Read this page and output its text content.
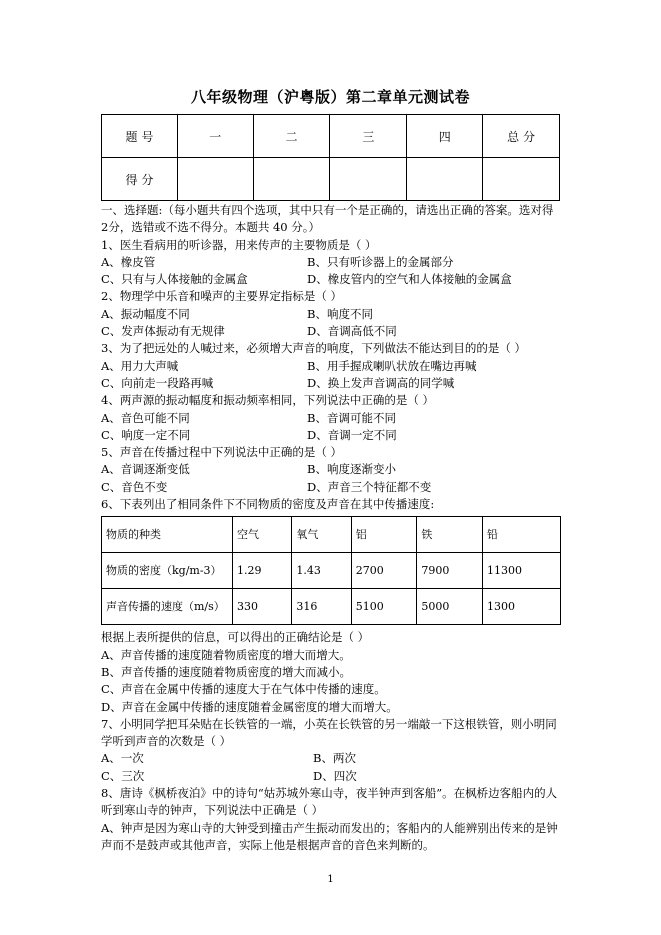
八年级物理（沪粤版）第二章单元测试卷
题 号	一	二	三	四	总 分
得 分					
一、选择题:（每小题共有四个选项，其中只有一个是正确的，请选出正确的答案。选对得
2分，选错或不选不得分。本题共 40 分。）
1、医生看病用的听诊器，用来传声的主要物质是（ ）
A、橡皮管	B、只有听诊器上的金属部分
C、只有与人体接触的金属盒	D、橡皮管内的空气和人体接触的金属盒
2、物理学中乐音和噪声的主要界定指标是（ ）
A、振动幅度不同	B、响度不同
C、发声体振动有无规律	D、音调高低不同
3、为了把远处的人喊过来，必须增大声音的响度，下列做法不能达到目的的是（ ）
A、用力大声喊	B、用手握成喇叭状放在嘴边再喊
C、向前走一段路再喊	D、换上发声音调高的同学喊
4、两声源的振动幅度和振动频率相同，下列说法中正确的是（ ）
A、音色可能不同	B、音调可能不同
C、响度一定不同	D、音调一定不同
5、声音在传播过程中下列说法中正确的是（ ）
A、音调逐渐变低	B、响度逐渐变小
C、音色不变	D、声音三个特征都不变
6、下表列出了相同条件下不同物质的密度及声音在其中传播速度:
物质的种类	空气	氧气	铝	铁	铅
物质的密度（kg/m-3）	1.29	1.43	2700	7900	11300
声音传播的速度（m/s）	330	316	5100	5000	1300
根据上表所提供的信息，可以得出的正确结论是（ ）
A、声音传播的速度随着物质密度的增大而增大。
B、声音传播的速度随着物质密度的增大而减小。
C、声音在金属中传播的速度大于在气体中传播的速度。
D、声音在金属中传播的速度随着金属密度的增大而增大。
7、小明同学把耳朵贴在长铁管的一端，小英在长铁管的另一端敲一下这根铁管，则小明同
学听到声音的次数是（ ）
A、一次	B、两次
C、三次	D、四次
8、唐诗《枫桥夜泊》中的诗句“姑苏城外寒山寺，夜半钟声到客船”。在枫桥边客船内的人
听到寒山寺的钟声，下列说法中正确是（ ）
A、钟声是因为寒山寺的大钟受到撞击产生振动而发出的；客船内的人能辨别出传来的是钟
声而不是鼓声或其他声音，实际上他是根据声音的音色来判断的。
1
